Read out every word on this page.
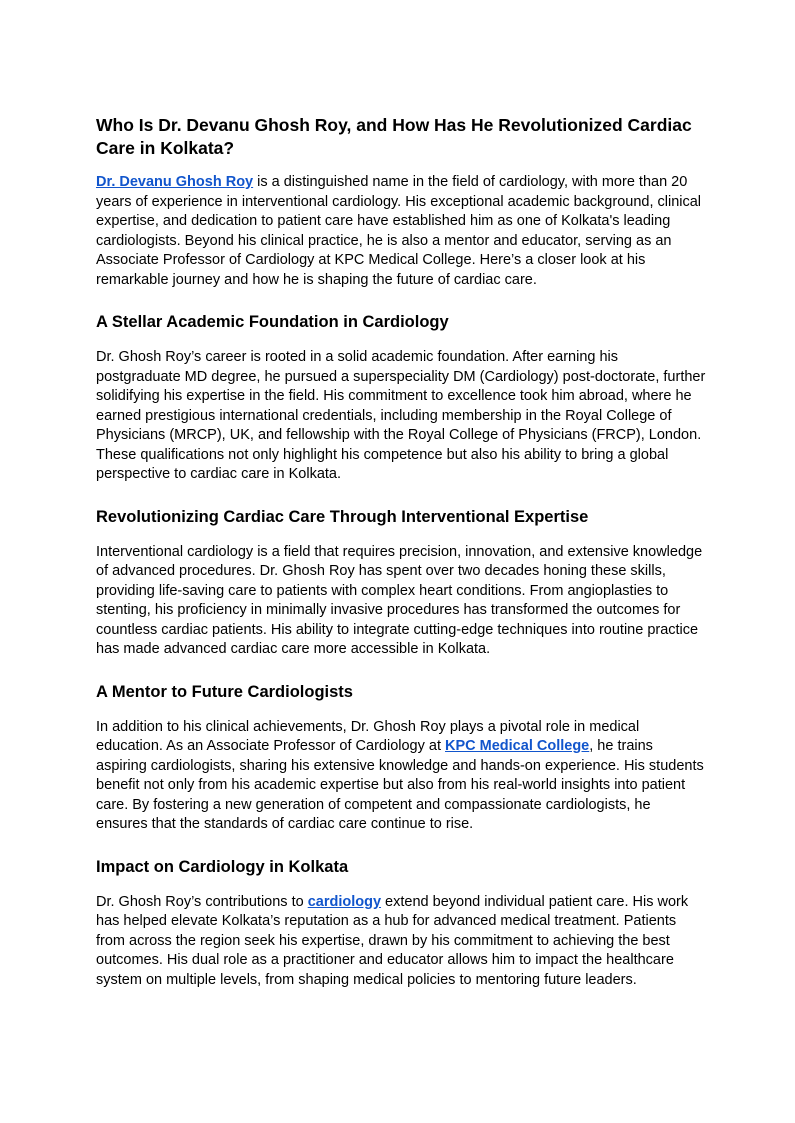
Who Is Dr. Devanu Ghosh Roy, and How Has He Revolutionized Cardiac Care in Kolkata?

Dr. Devanu Ghosh Roy is a distinguished name in the field of cardiology, with more than 20 years of experience in interventional cardiology. His exceptional academic background, clinical expertise, and dedication to patient care have established him as one of Kolkata's leading cardiologists. Beyond his clinical practice, he is also a mentor and educator, serving as an Associate Professor of Cardiology at KPC Medical College. Here’s a closer look at his remarkable journey and how he is shaping the future of cardiac care.

A Stellar Academic Foundation in Cardiology

Dr. Ghosh Roy’s career is rooted in a solid academic foundation. After earning his postgraduate MD degree, he pursued a superspeciality DM (Cardiology) post-doctorate, further solidifying his expertise in the field. His commitment to excellence took him abroad, where he earned prestigious international credentials, including membership in the Royal College of Physicians (MRCP), UK, and fellowship with the Royal College of Physicians (FRCP), London. These qualifications not only highlight his competence but also his ability to bring a global perspective to cardiac care in Kolkata.

Revolutionizing Cardiac Care Through Interventional Expertise

Interventional cardiology is a field that requires precision, innovation, and extensive knowledge of advanced procedures. Dr. Ghosh Roy has spent over two decades honing these skills, providing life-saving care to patients with complex heart conditions. From angioplasties to stenting, his proficiency in minimally invasive procedures has transformed the outcomes for countless cardiac patients. His ability to integrate cutting-edge techniques into routine practice has made advanced cardiac care more accessible in Kolkata.

A Mentor to Future Cardiologists

In addition to his clinical achievements, Dr. Ghosh Roy plays a pivotal role in medical education. As an Associate Professor of Cardiology at KPC Medical College, he trains aspiring cardiologists, sharing his extensive knowledge and hands-on experience. His students benefit not only from his academic expertise but also from his real-world insights into patient care. By fostering a new generation of competent and compassionate cardiologists, he ensures that the standards of cardiac care continue to rise.

Impact on Cardiology in Kolkata

Dr. Ghosh Roy’s contributions to cardiology extend beyond individual patient care. His work has helped elevate Kolkata’s reputation as a hub for advanced medical treatment. Patients from across the region seek his expertise, drawn by his commitment to achieving the best outcomes. His dual role as a practitioner and educator allows him to impact the healthcare system on multiple levels, from shaping medical policies to mentoring future leaders.
